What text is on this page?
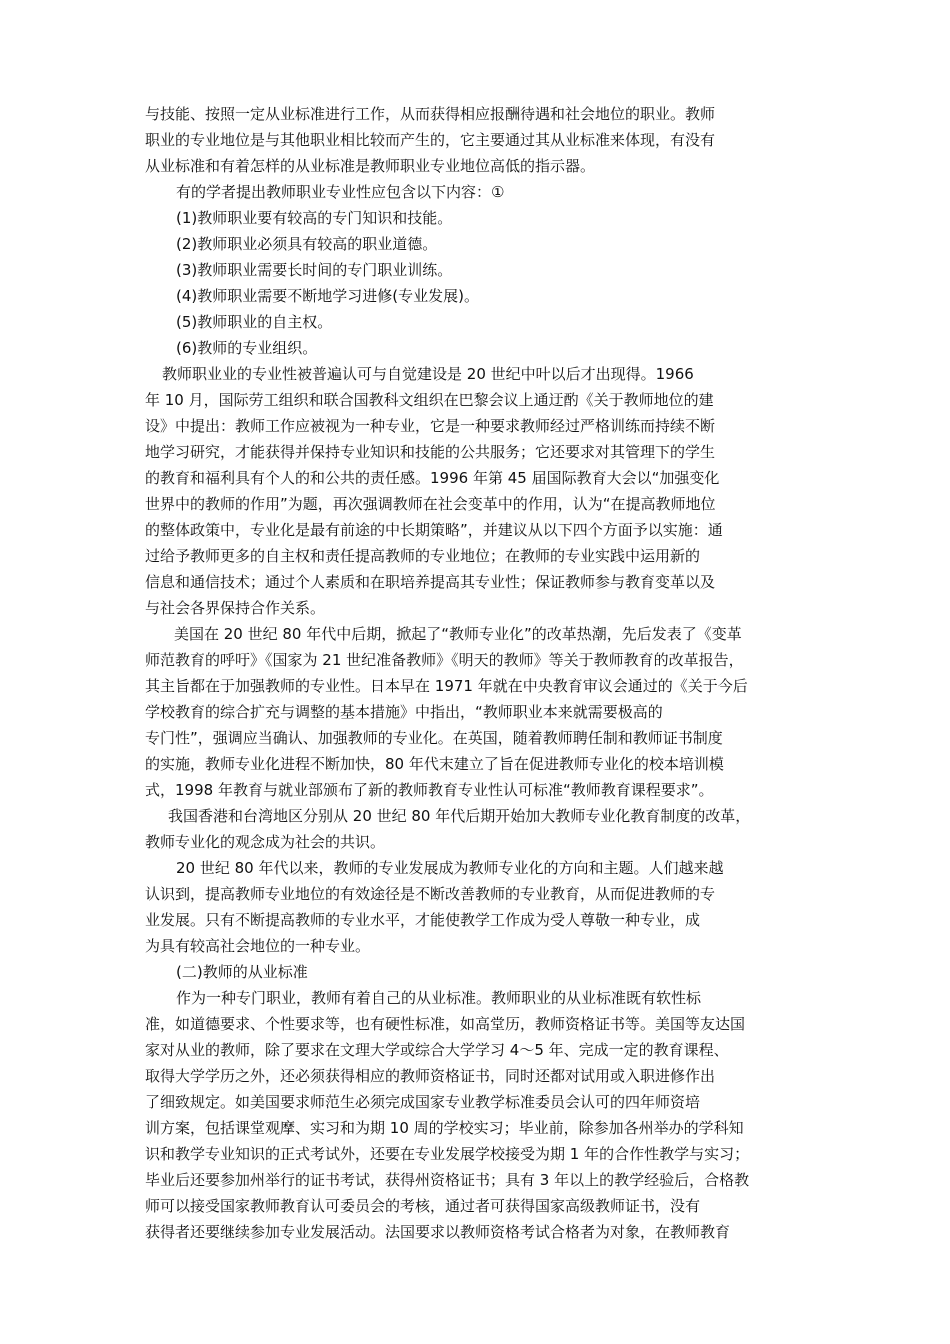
与技能、按照一定从业标准进行工作，从而获得相应报酬待遇和社会地位的职业。教师
职业的专业地位是与其他职业相比较而产生的，它主要通过其从业标准来体现，有没有
从业标准和有着怎样的从业标准是教师职业专业地位高低的指示器。
有的学者提出教师职业专业性应包含以下内容：①
(1)教师职业要有较高的专门知识和技能。
(2)教师职业必须具有较高的职业道德。
(3)教师职业需要长时间的专门职业训练。
(4)教师职业需要不断地学习进修(专业发展)。
(5)教师职业的自主权。
(6)教师的专业组织。
教师职业业的专业性被普遍认可与自觉建设是 20 世纪中叶以后才出现得。1966
年 10 月，国际劳工组织和联合国教科文组织在巴黎会议上通迂酌《关于教师地位的建
设》中提出：教师工作应被视为一种专业，它是一种要求教师经过严格训练而持续不断
地学习研究，才能获得并保持专业知识和技能的公共服务；它还要求对其管理下的学生
的教育和福利具有个人的和公共的责任感。1996 年第 45 届国际教育大会以“加强变化
世界中的教师的作用”为题，再次强调教师在社会变革中的作用，认为“在提高教师地位
的整体政策中，专业化是最有前途的中长期策略”，并建议从以下四个方面予以实施：通
过给予教师更多的自主权和责任提高教师的专业地位；在教师的专业实践中运用新的
信息和通信技术；通过个人素质和在职培养提高其专业性；保证教师参与教育变革以及
与社会各界保持合作关系。
美国在 20 世纪 80 年代中后期，掀起了“教师专业化”的改革热潮，先后发表了《变革
师范教育的呼吁》《国家为 21 世纪准备教师》《明天的教师》等关于教师教育的改革报告，
其主旨都在于加强教师的专业性。日本早在 1971 年就在中央教育审议会通过的《关于今后
学校教育的综合扩充与调整的基本措施》中指出，“教师职业本来就需要极高的
专门性”，强调应当确认、加强教师的专业化。在英国，随着教师聘任制和教师证书制度
的实施，教师专业化进程不断加快，80 年代末建立了旨在促进教师专业化的校本培训模
式，1998 年教育与就业部颁布了新的教师教育专业性认可标准“教师教育课程要求”。
我国香港和台湾地区分别从 20 世纪 80 年代后期开始加大教师专业化教育制度的改革，
教师专业化的观念成为社会的共识。
20 世纪 80 年代以来，教师的专业发展成为教师专业化的方向和主题。人们越来越
认识到，提高教师专业地位的有效途径是不断改善教师的专业教育，从而促进教师的专
业发展。只有不断提高教师的专业水平，才能使教学工作成为受人尊敬一种专业，成
为具有较高社会地位的一种专业。
(二)教师的从业标准
作为一种专门职业，教师有着自己的从业标准。教师职业的从业标准既有软性标
准，如道德要求、个性要求等，也有硬性标准，如高堂历，教师资格证书等。美国等友达国
家对从业的教师，除了要求在文理大学或综合大学学习 4～5 年、完成一定的教育课程、
取得大学学历之外，还必须获得相应的教师资格证书，同时还都对试用或入职进修作出
了细致规定。如美国要求师范生必须完成国家专业教学标准委员会认可的四年师资培
训方案，包括课堂观摩、实习和为期 10 周的学校实习；毕业前，除参加各州举办的学科知
识和教学专业知识的正式考试外，还要在专业发展学校接受为期 1 年的合作性教学与实习；
毕业后还要参加州举行的证书考试，获得州资格证书；具有 3 年以上的教学经验后，合格教
师可以接受国家教师教育认可委员会的考核，通过者可获得国家高级教师证书，没有
获得者还要继续参加专业发展活动。法国要求以教师资格考试合格者为对象，在教师教育
